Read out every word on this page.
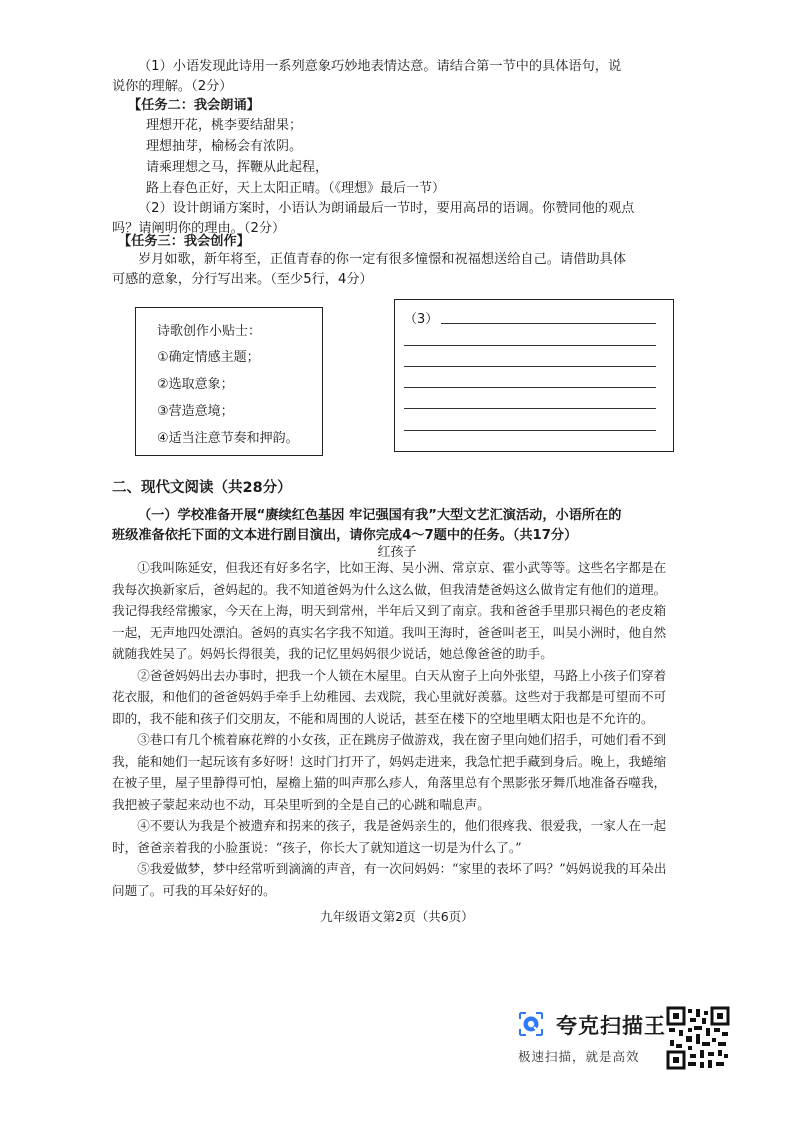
（1）小语发现此诗用一系列意象巧妙地表情达意。请结合第一节中的具体语句，说
说你的理解。（2分）
【任务二：我会朗诵】
理想开花，桃李要结甜果；
理想抽芽，榆杨会有浓阴。
请乘理想之马，挥鞭从此起程，
路上春色正好，天上太阳正晴。（《理想》最后一节）
（2）设计朗诵方案时，小语认为朗诵最后一节时，要用高昂的语调。你赞同他的观点
吗？请阐明你的理由。（2分）
【任务三：我会创作】
岁月如歌，新年将至，正值青春的你一定有很多憧憬和祝福想送给自己。请借助具体
可感的意象，分行写出来。（至少5行，4分）
诗歌创作小贴士：
①确定情感主题；
②选取意象；
③营造意境；
④适当注意节奏和押韵。
（3）
二、现代文阅读（共28分）
（一）学校准备开展“赓续红色基因 牢记强国有我”大型文艺汇演活动，小语所在的
班级准备依托下面的文本进行剧目演出，请你完成4～7题中的任务。（共17分）
红孩子

①我叫陈延安，但我还有好多名字，比如王海、吴小洲、常京京、霍小武等等。这些名字都是在我每次换新家后，爸妈起的。我不知道爸妈为什么这么做，但我清楚爸妈这么做肯定有他们的道理。我记得我经常搬家，今天在上海，明天到常州，半年后又到了南京。我和爸爸手里那只褐色的老皮箱一起，无声地四处漂泊。爸妈的真实名字我不知道。我叫王海时，爸爸叫老王，叫吴小洲时，他自然就随我姓吴了。妈妈长得很美，我的记忆里妈妈很少说话，她总像爸爸的助手。

②爸爸妈妈出去办事时，把我一个人锁在木屋里。白天从窗子上向外张望，马路上小孩子们穿着花衣服，和他们的爸爸妈妈手牵手上幼稚园、去戏院，我心里就好羡慕。这些对于我都是可望而不可即的，我不能和孩子们交朋友，不能和周围的人说话，甚至在楼下的空地里晒太阳也是不允许的。

③巷口有几个梳着麻花辫的小女孩，正在跳房子做游戏，我在窗子里向她们招手，可她们看不到我，能和她们一起玩该有多好呀！这时门打开了，妈妈走进来，我急忙把手藏到身后。晚上，我蜷缩在被子里，屋子里静得可怕，屋檐上猫的叫声那么疹人，角落里总有个黑影张牙舞爪地准备吞噬我，我把被子蒙起来动也不动，耳朵里听到的全是自己的心跳和喘息声。

④不要认为我是个被遗弃和拐来的孩子，我是爸妈亲生的，他们很疼我、很爱我，一家人在一起时，爸爸亲着我的小脸蛋说：“孩子，你长大了就知道这一切是为什么了。”

⑤我爱做梦，梦中经常听到滴滴的声音，有一次问妈妈：“家里的表坏了吗？”妈妈说我的耳朵出问题了。可我的耳朵好好的。

九年级语文第2页（共6页）
夸克扫描王
极速扫描，就是高效
